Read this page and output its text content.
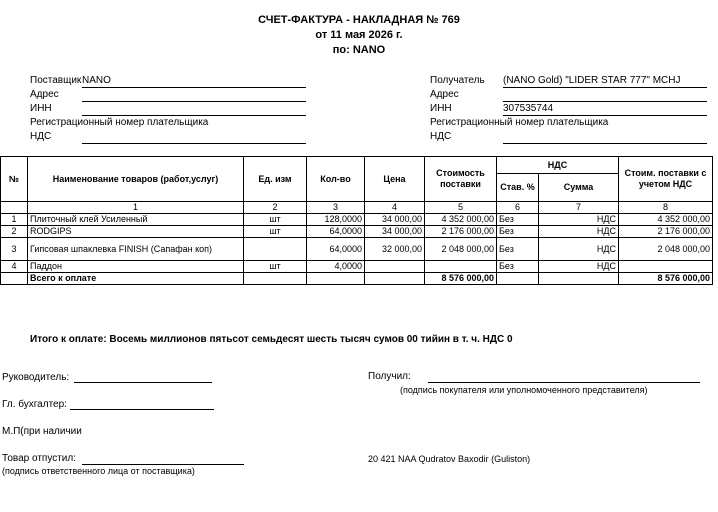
СЧЕТ-ФАКТУРА - НАКЛАДНАЯ № 769
от 11 мая 2026 г.
по: NANO
Поставщик NANO
Адрес
ИНН
Регистрационный номер плательщика
НДС
Получатель (NANO Gold) "LIDER STAR 777" MCHJ
Адрес
ИНН	307535744
Регистрационный номер плательщика
НДС
№	Наименование товаров (работ,услуг)	Ед. изм	Кол-во	Цена	Стоимость поставки	НДС		Стоим. поставки с учетом НДС
						Став. %	Сумма	
	1	2	3	4	5	6	7	8
1	Плиточный клей Усиленный	шт	128,0000	34 000,00	4 352 000,00	Без	НДС	4 352 000,00
2	RODGIPS	шт	64,0000	34 000,00	2 176 000,00	Без	НДС	2 176 000,00
3	Гипсовая шпаклевка FINISH (Сапафан коп)		64,0000	32 000,00	2 048 000,00	Без	НДС	2 048 000,00
4	Паддон	шт	4,0000			Без	НДС	
	Всего к оплате				8 576 000,00			8 576 000,00
Итого к оплате: Восемь миллионов пятьсот семьдесят шесть тысяч сумов 00 тийин в т. ч. НДС 0
Руководитель:
Гл. бухгалтер:
М.П(при наличии
Товар отпустил:
(подпись ответственного лица от поставщика)
Получил:
(подпись покупателя или уполномоченного представителя)
20 421 NAA Qudratov Baxodir (Guliston)
